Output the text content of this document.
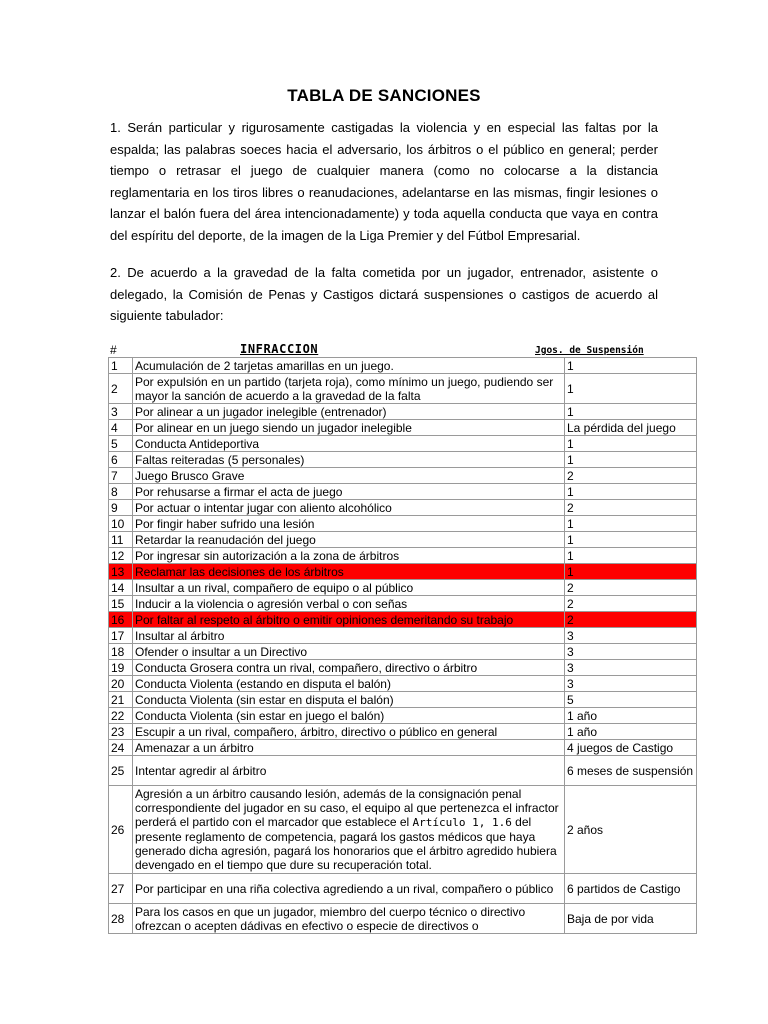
TABLA DE SANCIONES
1. Serán particular y rigurosamente castigadas la violencia y en especial las faltas por la espalda; las palabras soeces hacia el adversario, los árbitros o el público en general; perder tiempo o retrasar el juego de cualquier manera (como no colocarse a la distancia reglamentaria en los tiros libres o reanudaciones, adelantarse en las mismas, fingir lesiones o lanzar el balón fuera del área intencionadamente) y toda aquella conducta que vaya en contra del espíritu del deporte, de la imagen de la Liga Premier y del Fútbol Empresarial.
2. De acuerdo a la gravedad de la falta cometida por un jugador, entrenador, asistente o delegado, la Comisión de Penas y Castigos dictará suspensiones o castigos de acuerdo al siguiente tabulador:
#	INFRACCION	Jgos. de Suspensión
1	Acumulación de 2 tarjetas amarillas en un juego.	1
2	Por expulsión en un partido (tarjeta roja), como mínimo un juego, pudiendo ser mayor la sanción de acuerdo a la gravedad de la falta	1
3	Por alinear a un jugador inelegible (entrenador)	1
4	Por alinear en un juego siendo un jugador inelegible	La pérdida del juego
5	Conducta Antideportiva	1
6	Faltas reiteradas (5 personales)	1
7	Juego Brusco Grave	2
8	Por rehusarse a firmar el acta de juego	1
9	Por actuar o intentar jugar con aliento alcohólico	2
10	Por fingir haber sufrido una lesión	1
11	Retardar la reanudación del juego	1
12	Por ingresar sin autorización a la zona de árbitros	1
13	Reclamar las decisiones de los árbitros	1
14	Insultar a un rival, compañero de equipo o al público	2
15	Inducir a la violencia o agresión verbal o con señas	2
16	Por faltar al respeto al árbitro o emitir opiniones demeritando su trabajo	2
17	Insultar al árbitro	3
18	Ofender o insultar a un Directivo	3
19	Conducta Grosera contra un rival, compañero, directivo o árbitro	3
20	Conducta Violenta (estando en disputa el balón)	3
21	Conducta Violenta (sin estar en disputa el balón)	5
22	Conducta Violenta (sin estar en juego el balón)	1 año
23	Escupir a un rival, compañero, árbitro, directivo o público en general	1 año
24	Amenazar a un árbitro	4 juegos de Castigo
25	Intentar agredir al árbitro	6 meses de suspensión
26	Agresión a un árbitro causando lesión, además de la consignación penal correspondiente del jugador en su caso, el equipo al que pertenezca el infractor perderá el partido con el marcador que establece el Artículo 1, 1.6 del presente reglamento de competencia, pagará los gastos médicos que haya generado dicha agresión, pagará los honorarios que el árbitro agredido hubiera devengado en el tiempo que dure su recuperación total.	2 años
27	Por participar en una riña colectiva agrediendo a un rival, compañero o público	6 partidos de Castigo
28	Para los casos en que un jugador, miembro del cuerpo técnico o directivo ofrezcan o acepten dádivas en efectivo o especie de directivos o	Baja de por vida
